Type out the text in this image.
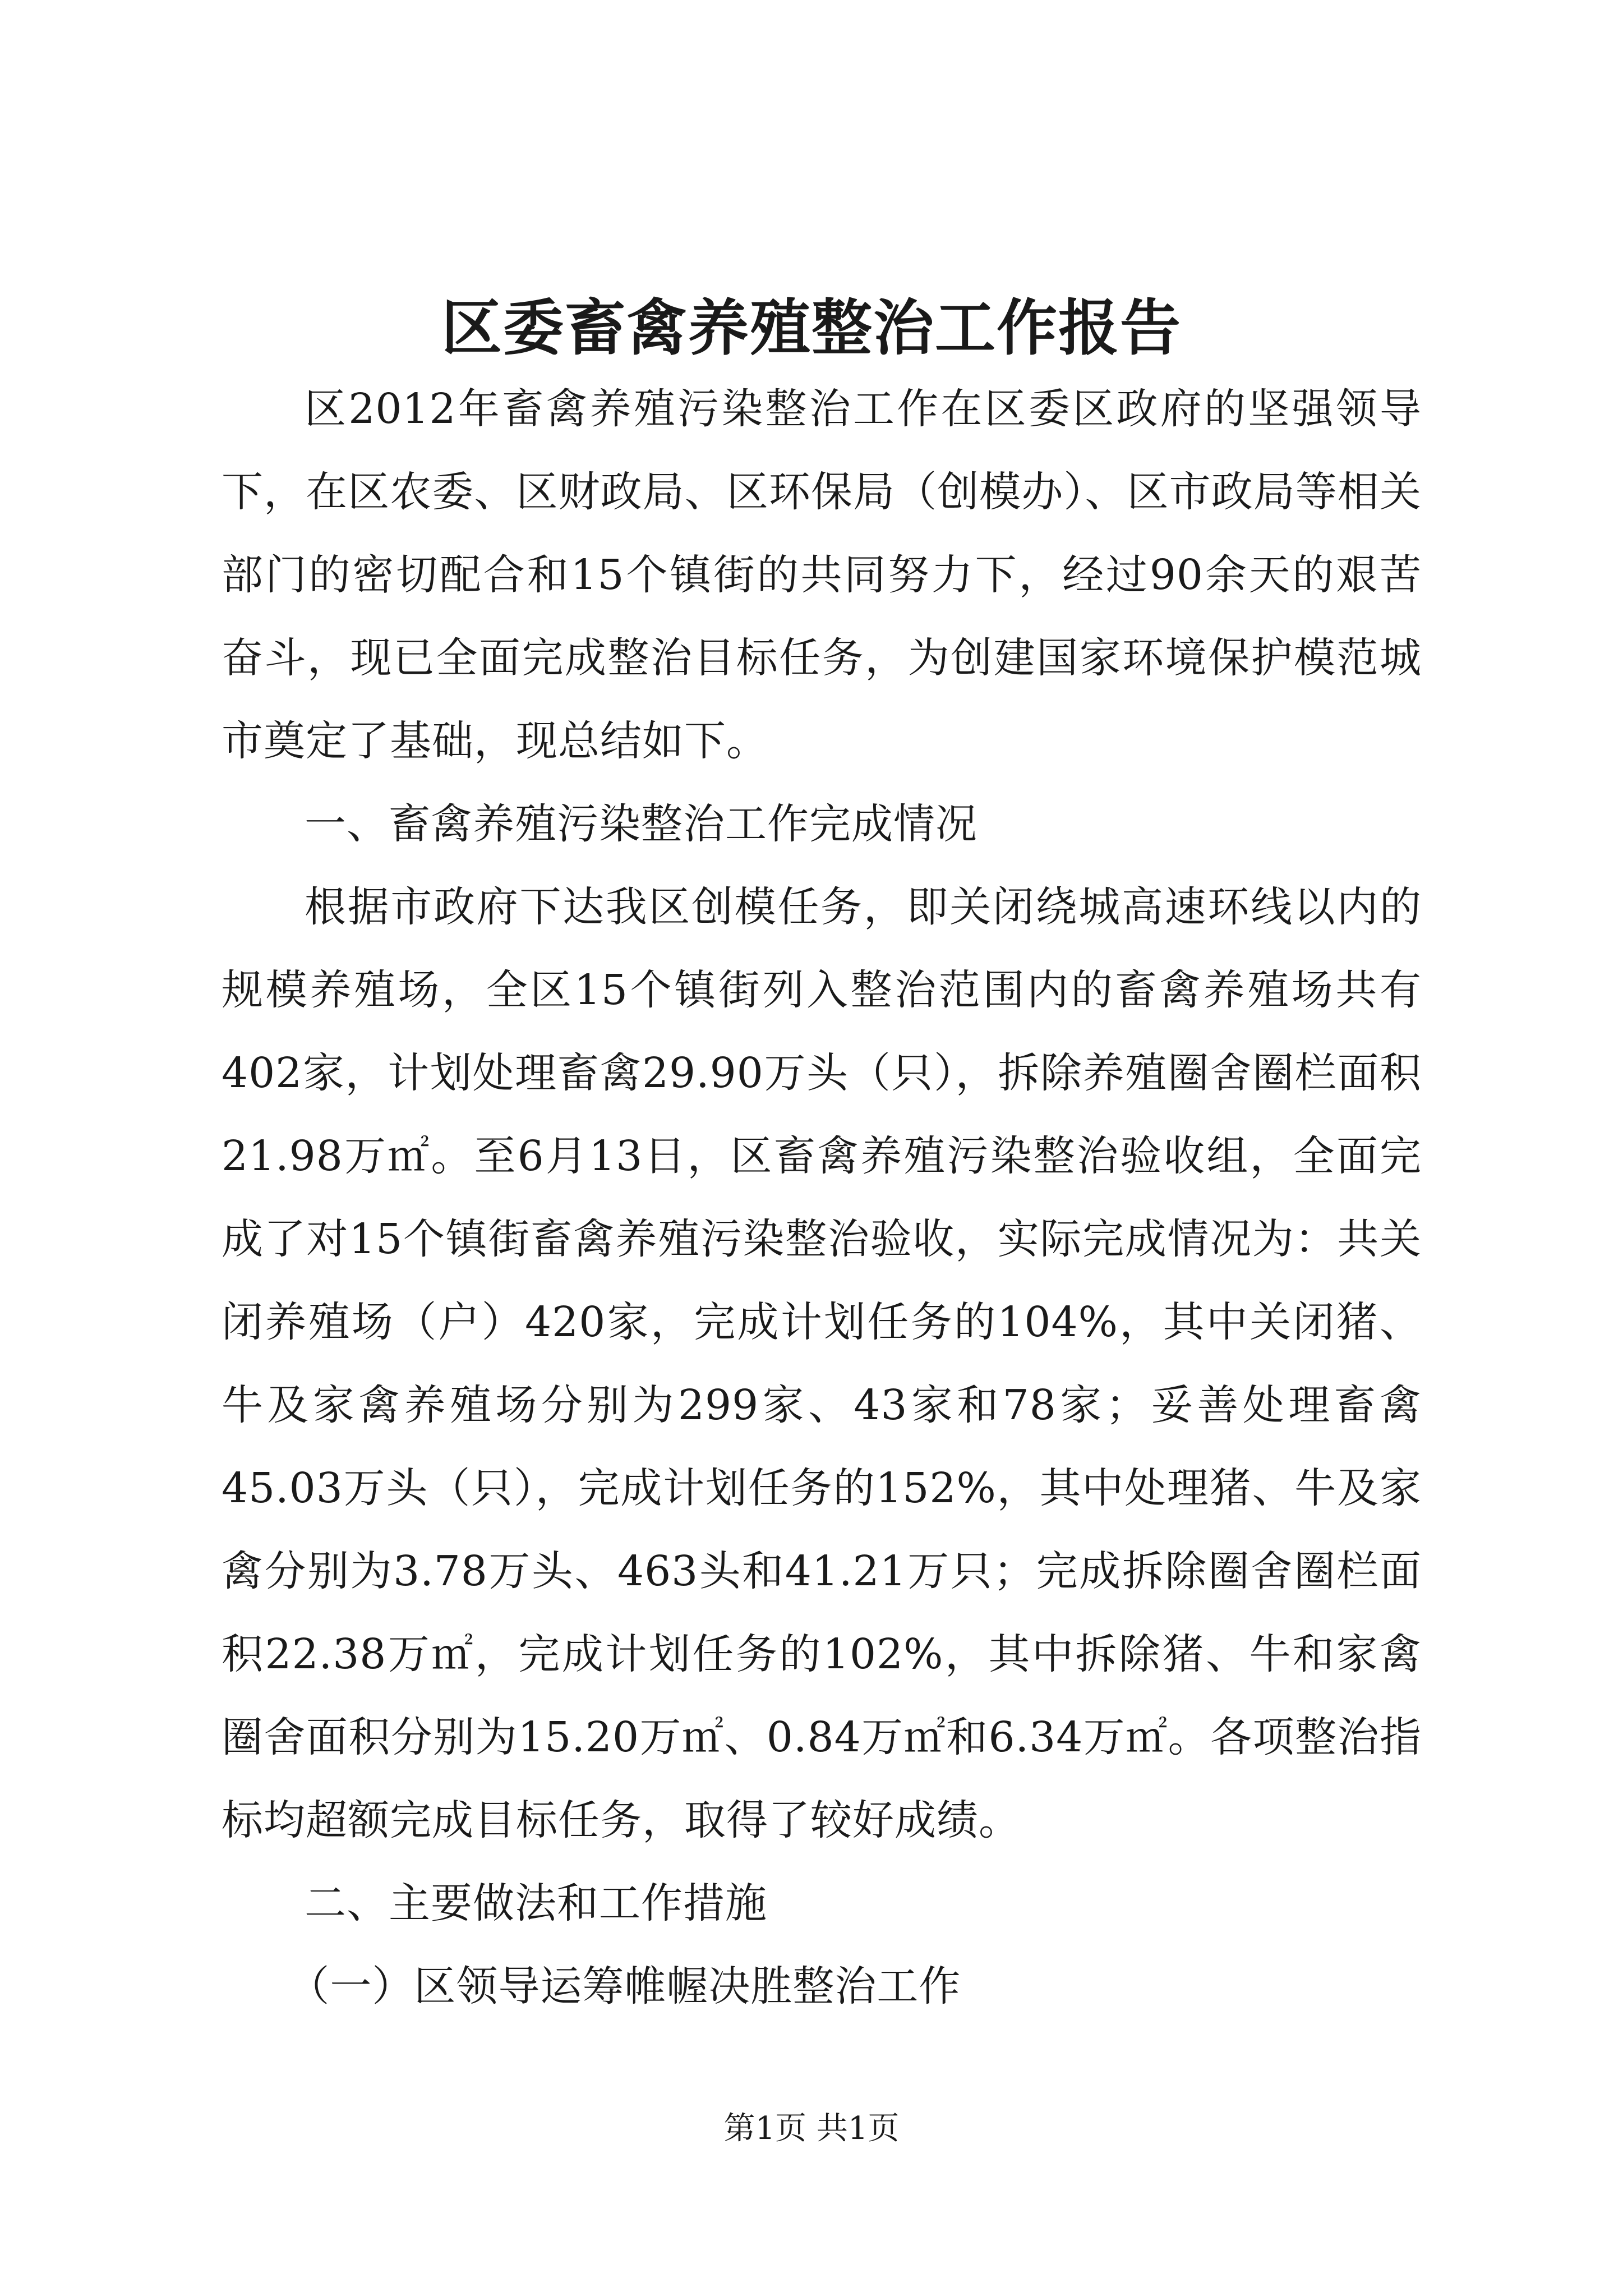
区委畜禽养殖整治工作报告

区2012年畜禽养殖污染整治工作在区委区政府的坚强领导下，在区农委、区财政局、区环保局（创模办）、区市政局等相关部门的密切配合和15个镇街的共同努力下，经过90余天的艰苦奋斗，现已全面完成整治目标任务，为创建国家环境保护模范城市奠定了基础，现总结如下。

一、畜禽养殖污染整治工作完成情况

根据市政府下达我区创模任务，即关闭绕城高速环线以内的规模养殖场，全区15个镇街列入整治范围内的畜禽养殖场共有402家，计划处理畜禽29.90万头（只），拆除养殖圈舍圈栏面积21.98万㎡。至6月13日，区畜禽养殖污染整治验收组，全面完成了对15个镇街畜禽养殖污染整治验收，实际完成情况为：共关闭养殖场（户）420家，完成计划任务的104%，其中关闭猪、牛及家禽养殖场分别为299家、43家和78家；妥善处理畜禽45.03万头（只），完成计划任务的152%，其中处理猪、牛及家禽分别为3.78万头、463头和41.21万只；完成拆除圈舍圈栏面积22.38万㎡，完成计划任务的102%，其中拆除猪、牛和家禽圈舍面积分别为15.20万㎡、0.84万㎡和6.34万㎡。各项整治指标均超额完成目标任务，取得了较好成绩。

二、主要做法和工作措施

（一）区领导运筹帷幄决胜整治工作

第1页 共1页
